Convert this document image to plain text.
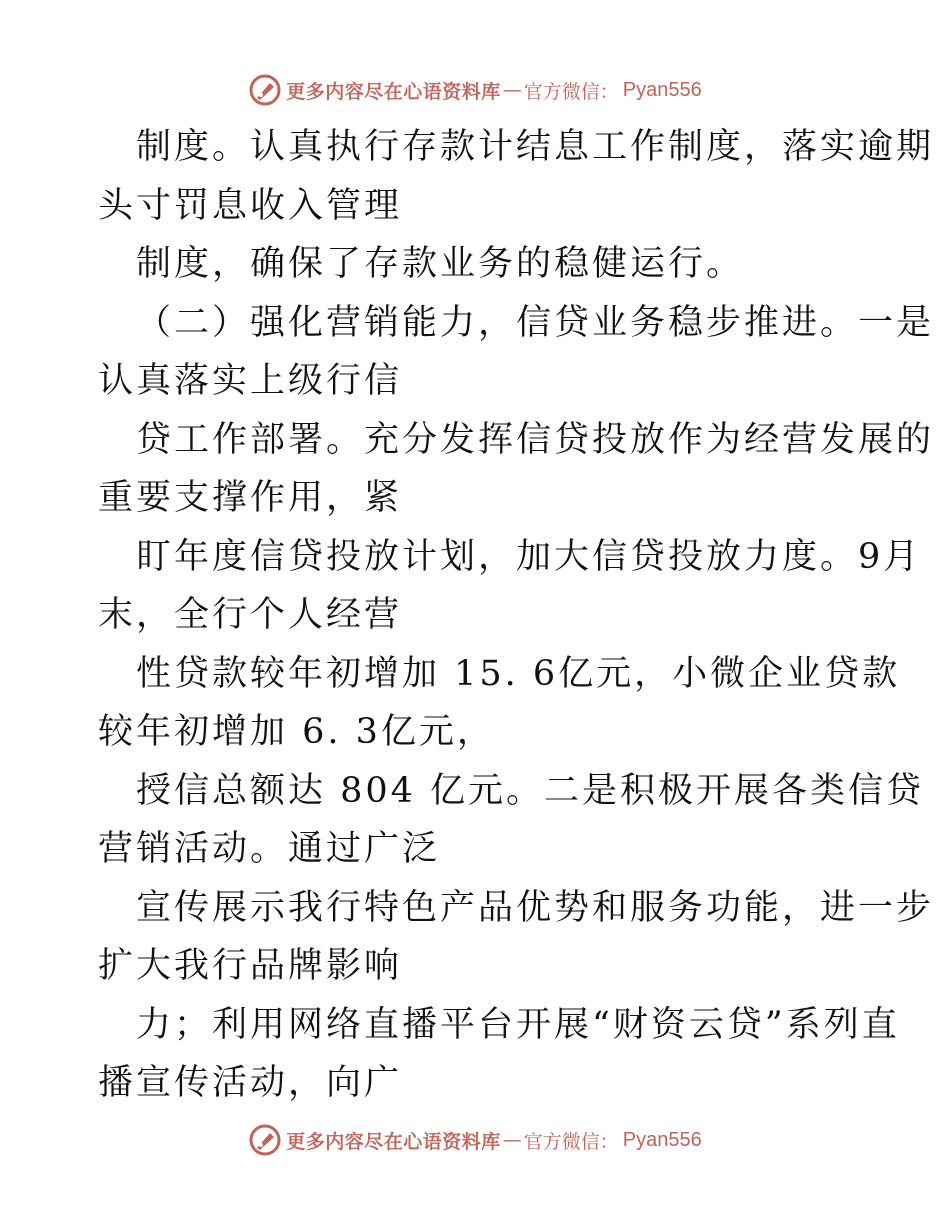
更多内容尽在心语资料库 — 官方微信： Pyan556
制度。认真执行存款计结息工作制度，落实逾期
头寸罚息收入管理
制度，确保了存款业务的稳健运行。
（二）强化营销能力，信贷业务稳步推进。一是
认真落实上级行信
贷工作部署。充分发挥信贷投放作为经营发展的
重要支撑作用，紧
盯年度信贷投放计划，加大信贷投放力度。9月
末，全行个人经营
性贷款较年初增加 15. 6亿元，小微企业贷款
较年初增加 6. 3亿元，
授信总额达 804 亿元。二是积极开展各类信贷
营销活动。通过广泛
宣传展示我行特色产品优势和服务功能，进一步
扩大我行品牌影响
力；利用网络直播平台开展“财资云贷”系列直
播宣传活动，向广
更多内容尽在心语资料库 — 官方微信： Pyan556
